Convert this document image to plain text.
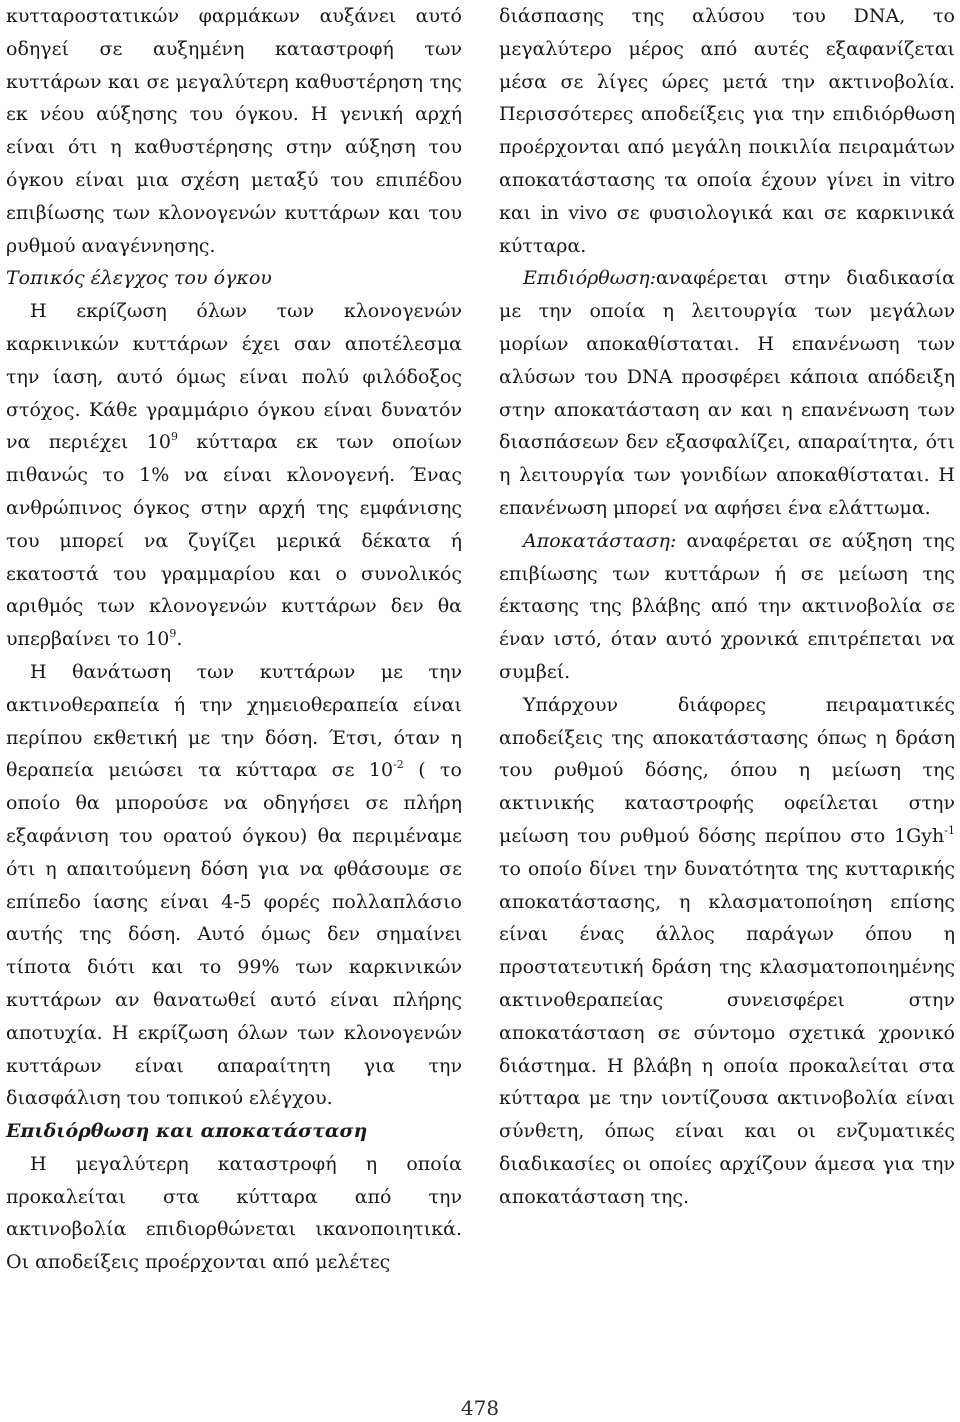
κυτταροστατικών φαρμάκων αυξάνει αυτό οδηγεί σε αυξημένη καταστροφή των κυττάρων και σε μεγαλύτερη καθυστέρηση της εκ νέου αύξησης του όγκου. Η γενική αρχή είναι ότι η καθυστέρησης στην αύξηση του όγκου είναι μια σχέση μεταξύ του επιπέδου επιβίωσης των κλονογενών κυττάρων και του ρυθμού αναγέννησης.

Τοπικός έλεγχος του όγκου

Η εκρίζωση όλων των κλονογενών καρκινικών κυττάρων έχει σαν αποτέλεσμα την ίαση, αυτό όμως είναι πολύ φιλόδοξος στόχος. Κάθε γραμμάριο όγκου είναι δυνατόν να περιέχει $10^9$ κύτταρα εκ των οποίων πιθανώς το 1% να είναι κλονογενή. Ένας ανθρώπινος όγκος στην αρχή της εμφάνισης του μπορεί να ζυγίζει μερικά δέκατα ή εκατοστά του γραμμαρίου και ο συνολικός αριθμός των κλονογενών κυττάρων δεν θα υπερβαίνει το $10^9$.

Η θανάτωση των κυττάρων με την ακτινοθεραπεία ή την χημειοθεραπεία είναι περίπου εκθετική με την δόση. Έτσι, όταν η θεραπεία μειώσει τα κύτταρα σε $10^{-2}$ ( το οποίο θα μπορούσε να οδηγήσει σε πλήρη εξαφάνιση του ορατού όγκου) θα περιμέναμε ότι η απαιτούμενη δόση για να φθάσουμε σε επίπεδο ίασης είναι 4-5 φορές πολλαπλάσιο αυτής της δόση. Αυτό όμως δεν σημαίνει τίποτα διότι και το 99% των καρκινικών κυττάρων αν θανατωθεί αυτό είναι πλήρης αποτυχία. Η εκρίζωση όλων των κλονογενών κυττάρων είναι απαραίτητη για την διασφάλιση του τοπικού ελέγχου.

Επιδιόρθωση και αποκατάσταση

Η μεγαλύτερη καταστροφή η οποία προκαλείται στα κύτταρα από την ακτινοβολία επιδιορθώνεται ικανοποιητικά. Οι αποδείξεις προέρχονται από μελέτες

διάσπασης της αλύσου του DNA, το μεγαλύτερο μέρος από αυτές εξαφανίζεται μέσα σε λίγες ώρες μετά την ακτινοβολία. Περισσότερες αποδείξεις για την επιδιόρθωση προέρχονται από μεγάλη ποικιλία πειραμάτων αποκατάστασης τα οποία έχουν γίνει in vitro και in vivo σε φυσιολογικά και σε καρκινικά κύτταρα.

Επιδιόρθωση:αναφέρεται στην διαδικασία με την οποία η λειτουργία των μεγάλων μορίων αποκαθίσταται. Η επανένωση των αλύσων του DNA προσφέρει κάποια απόδειξη στην αποκατάσταση αν και η επανένωση των διασπάσεων δεν εξασφαλίζει, απαραίτητα, ότι η λειτουργία των γονιδίων αποκαθίσταται. Η επανένωση μπορεί να αφήσει ένα ελάττωμα.

Αποκατάσταση: αναφέρεται σε αύξηση της επιβίωσης των κυττάρων ή σε μείωση της έκτασης της βλάβης από την ακτινοβολία σε έναν ιστό, όταν αυτό χρονικά επιτρέπεται να συμβεί.

Υπάρχουν διάφορες πειραματικές αποδείξεις της αποκατάστασης όπως η δράση του ρυθμού δόσης, όπου η μείωση της ακτινικής καταστροφής οφείλεται στην μείωση του ρυθμού δόσης περίπου στο 1Gyh$^{-1}$ το οποίο δίνει την δυνατότητα της κυτταρικής αποκατάστασης, η κλασματοποίηση επίσης είναι ένας άλλος παράγων όπου η προστατευτική δράση της κλασματοποιημένης ακτινοθεραπείας συνεισφέρει στην αποκατάσταση σε σύντομο σχετικά χρονικό διάστημα. Η βλάβη η οποία προκαλείται στα κύτταρα με την ιοντίζουσα ακτινοβολία είναι σύνθετη, όπως είναι και οι ενζυματικές διαδικασίες οι οποίες αρχίζουν άμεσα για την αποκατάσταση της.

478
